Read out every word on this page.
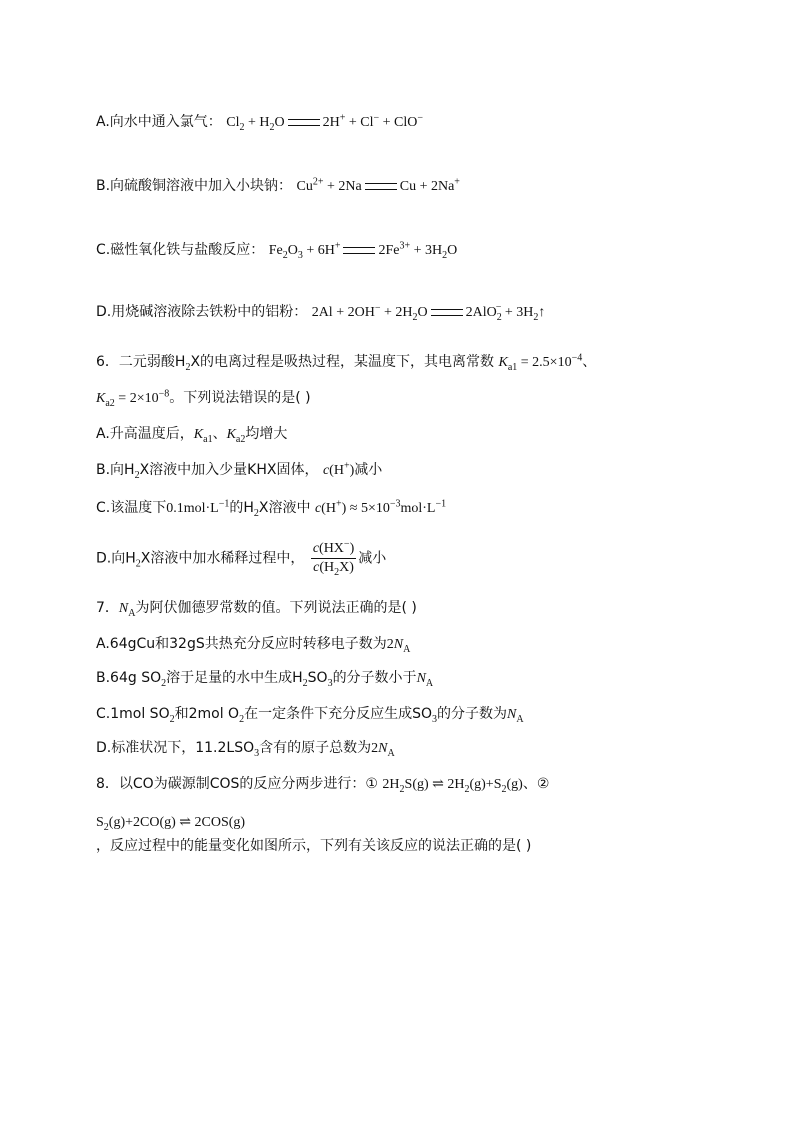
A.向水中通入氯气： $Cl_2 + H_2O$	2H+ + Cl− + ClO−
B.向硫酸铜溶液中加入小块钠： $Cu^{2+} + 2Na$	Cu + 2Na+
C.磁性氧化铁与盐酸反应： $Fe_2O_3 + 6H^+$	$2Fe^{3+} + 3H_2O$
D.用烧碱溶液除去铁粉中的铝粉： $2Al + 2OH^- + 2H_2O$	$2AlO_2^- + 3H_2↑$
6．二元弱酸$H_2X$的电离过程是吸热过程，某温度下，其电离常数 $K_{a1} = 2.5\times 10^{-4}$、
$K_{a2} = 2\times 10^{-8}$。下列说法错误的是( )
A.升高温度后，$K_{a1}$、$K_{a2}$均增大
B.向$H_2X$溶液中加入少量KHX固体， c(H+)减小
C.该温度下$0.1mol\cdot L^{-1}$的$H_2X$溶液中 $c(H^+) \approx 5\times 10^{-3}mol\cdot L^{-1}$
D.向$H_2X$溶液中加水稀释过程中， $\frac{c(HX^-)}{c(H_2X)}$ 减小
7．$N_A$为阿伏伽德罗常数的值。下列说法正确的是( )
A.64gCu和32gS共热充分反应时转移电子数为$2N_A$
B.64g $SO_2$溶于足量的水中生成$H_2SO_3$的分子数小于$N_A$
C.1mol $SO_2$和2mol $O_2$在一定条件下充分反应生成$SO_3$的分子数为$N_A$
D.标准状况下，$11.2LSO_3$含有的原子总数为$2N_A$
8．以CO为碳源制COS的反应分两步进行：① $2H_2S(g)$ ⇌ $2H_2(g)+S_2(g)$、②
$S_2(g)+2CO(g)$ ⇌ 2COS(g)
，反应过程中的能量变化如图所示，下列有关该反应的说法正确的是( )
